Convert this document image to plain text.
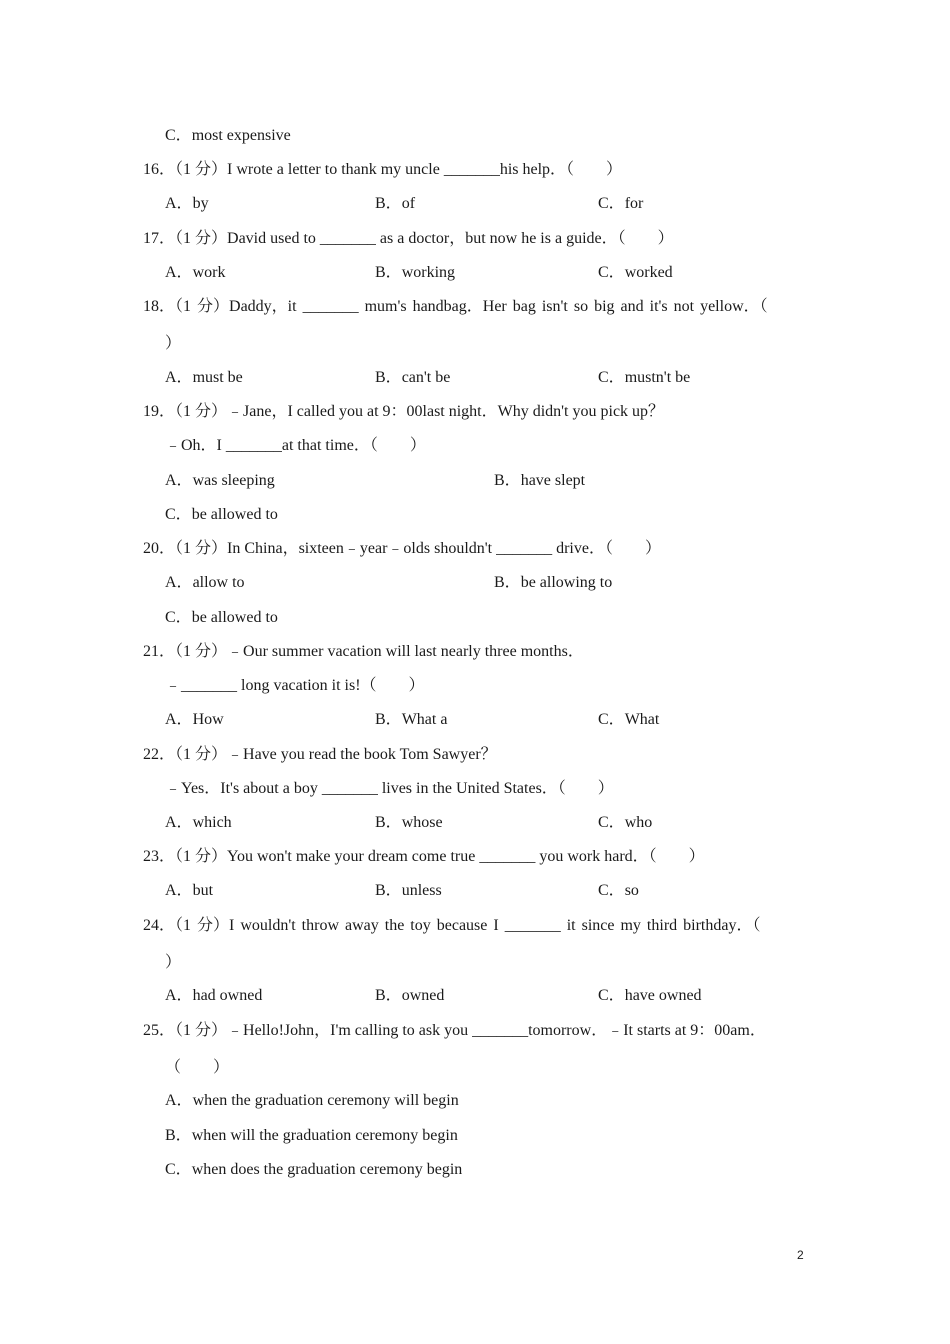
C．most expensive
16．（1 分）I wrote a letter to thank my uncle _______his help．（　　）
A．by	B．of	C．for
17．（1 分）David used to _______ as a doctor，but now he is a guide．（　　）
A．work	B．working	C．worked
18．（1 分）Daddy，it _______ mum's handbag．Her bag isn't so big and it's not yellow．（
）
A．must be	B．can't be	C．mustn't be
19．（1 分）﹣Jane，I called you at 9：00last night．Why didn't you pick up？
﹣Oh．I _______at that time．（　　）
A．was sleeping	B．have slept
C．be allowed to
20．（1 分）In China，sixteen﹣year﹣olds shouldn't _______ drive．（　　）
A．allow to	B．be allowing to
C．be allowed to
21．（1 分）﹣Our summer vacation will last nearly three months．
﹣_______ long vacation it is!（　　）
A．How	B．What a	C．What
22．（1 分）﹣Have you read the book Tom Sawyer？
﹣Yes．It's about a boy _______ lives in the United States．（　　）
A．which	B．whose	C．who
23．（1 分）You won't make your dream come true _______ you work hard．（　　）
A．but	B．unless	C．so
24．（1 分）I wouldn't throw away the toy because I _______ it since my third birthday．（
）
A．had owned	B．owned	C．have owned
25．（1 分）﹣Hello!John，I'm calling to ask you _______tomorrow．﹣It starts at 9：00am．
（　　）
A．when the graduation ceremony will begin
B．when will the graduation ceremony begin
C．when does the graduation ceremony begin
2
